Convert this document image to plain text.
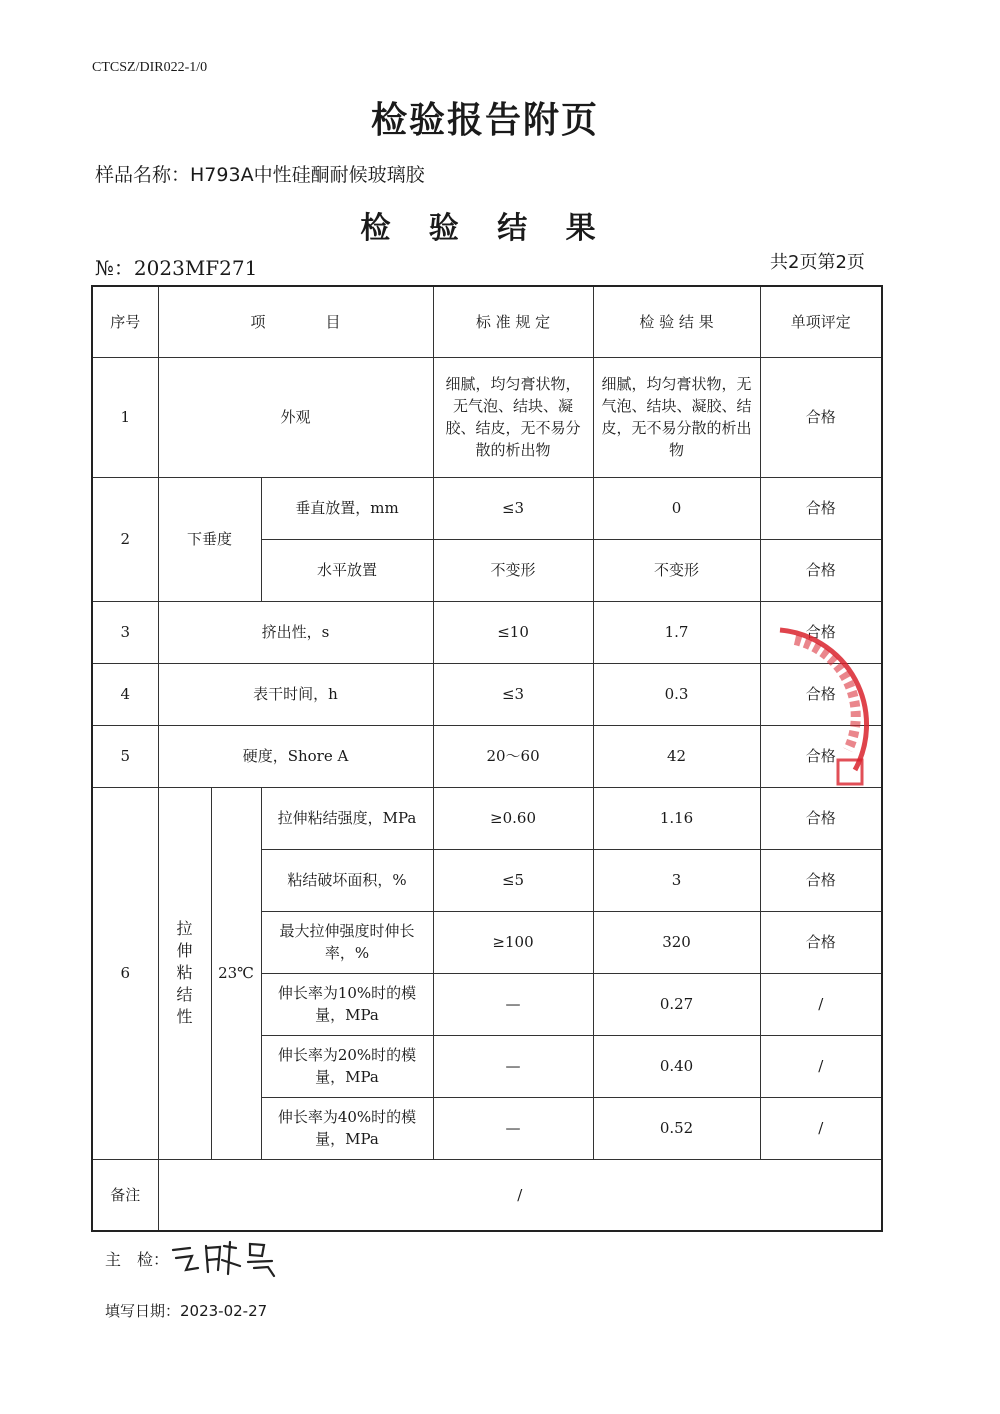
CTCSZ/DIR022-1/0
检验报告附页
样品名称：H793A中性硅酮耐候玻璃胶
检 验 结 果
№：2023MF271	共2页第2页
序号	项　　　　目			标 准 规 定	检 验 结 果	单项评定
1	外观			细腻，均匀膏状物，无气泡、结块、凝胶、结皮，无不易分散的析出物	细腻，均匀膏状物，无气泡、结块、凝胶、结皮，无不易分散的析出物	合格
2	下垂度		垂直放置，mm	≤3	0	合格
			水平放置	不变形	不变形	合格
3	挤出性，s			≤10	1.7	合格
4	表干时间，h			≤3	0.3	合格
5	硬度，Shore A			20～60	42	合格
6	拉伸粘结性	23℃	拉伸粘结强度，MPa	≥0.60	1.16	合格
			粘结破坏面积，%	≤5	3	合格
			最大拉伸强度时伸长率，%	≥100	320	合格
			伸长率为10%时的模量，MPa	—	0.27	/
			伸长率为20%时的模量，MPa	—	0.40	/
			伸长率为40%时的模量，MPa	—	0.52	/
备注	/					
主　检：
填写日期：2023-02-27
